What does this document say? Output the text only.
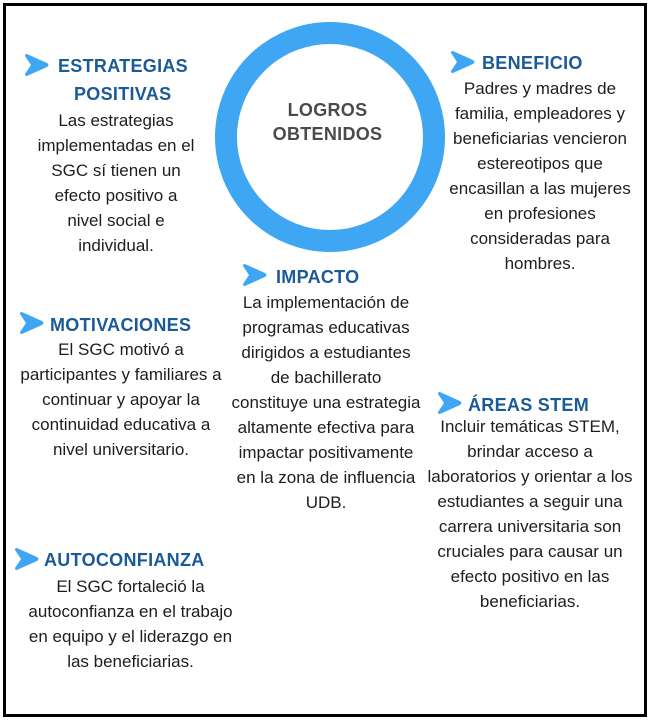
LOGROS OBTENIDOS
ESTRATEGIAS
POSITIVAS
Las estrategias implementadas en el SGC sí tienen un efecto positivo a nivel social e individual.
BENEFICIO
Padres y madres de familia, empleadores y beneficiarias vencieron estereotipos que encasillan a las mujeres en profesiones consideradas para hombres.
IMPACTO
La implementación de programas educativas dirigidos a estudiantes de bachillerato constituye una estrategia altamente efectiva para impactar positivamente en la zona de influencia UDB.
MOTIVACIONES
El SGC motivó a participantes y familiares a continuar y apoyar la continuidad educativa a nivel universitario.
ÁREAS STEM
Incluir temáticas STEM, brindar acceso a laboratorios y orientar a los estudiantes a seguir una carrera universitaria son cruciales para causar un efecto positivo en las beneficiarias.
AUTOCONFIANZA
El SGC fortaleció la autoconfianza en el trabajo en equipo y el liderazgo en las beneficiarias.
